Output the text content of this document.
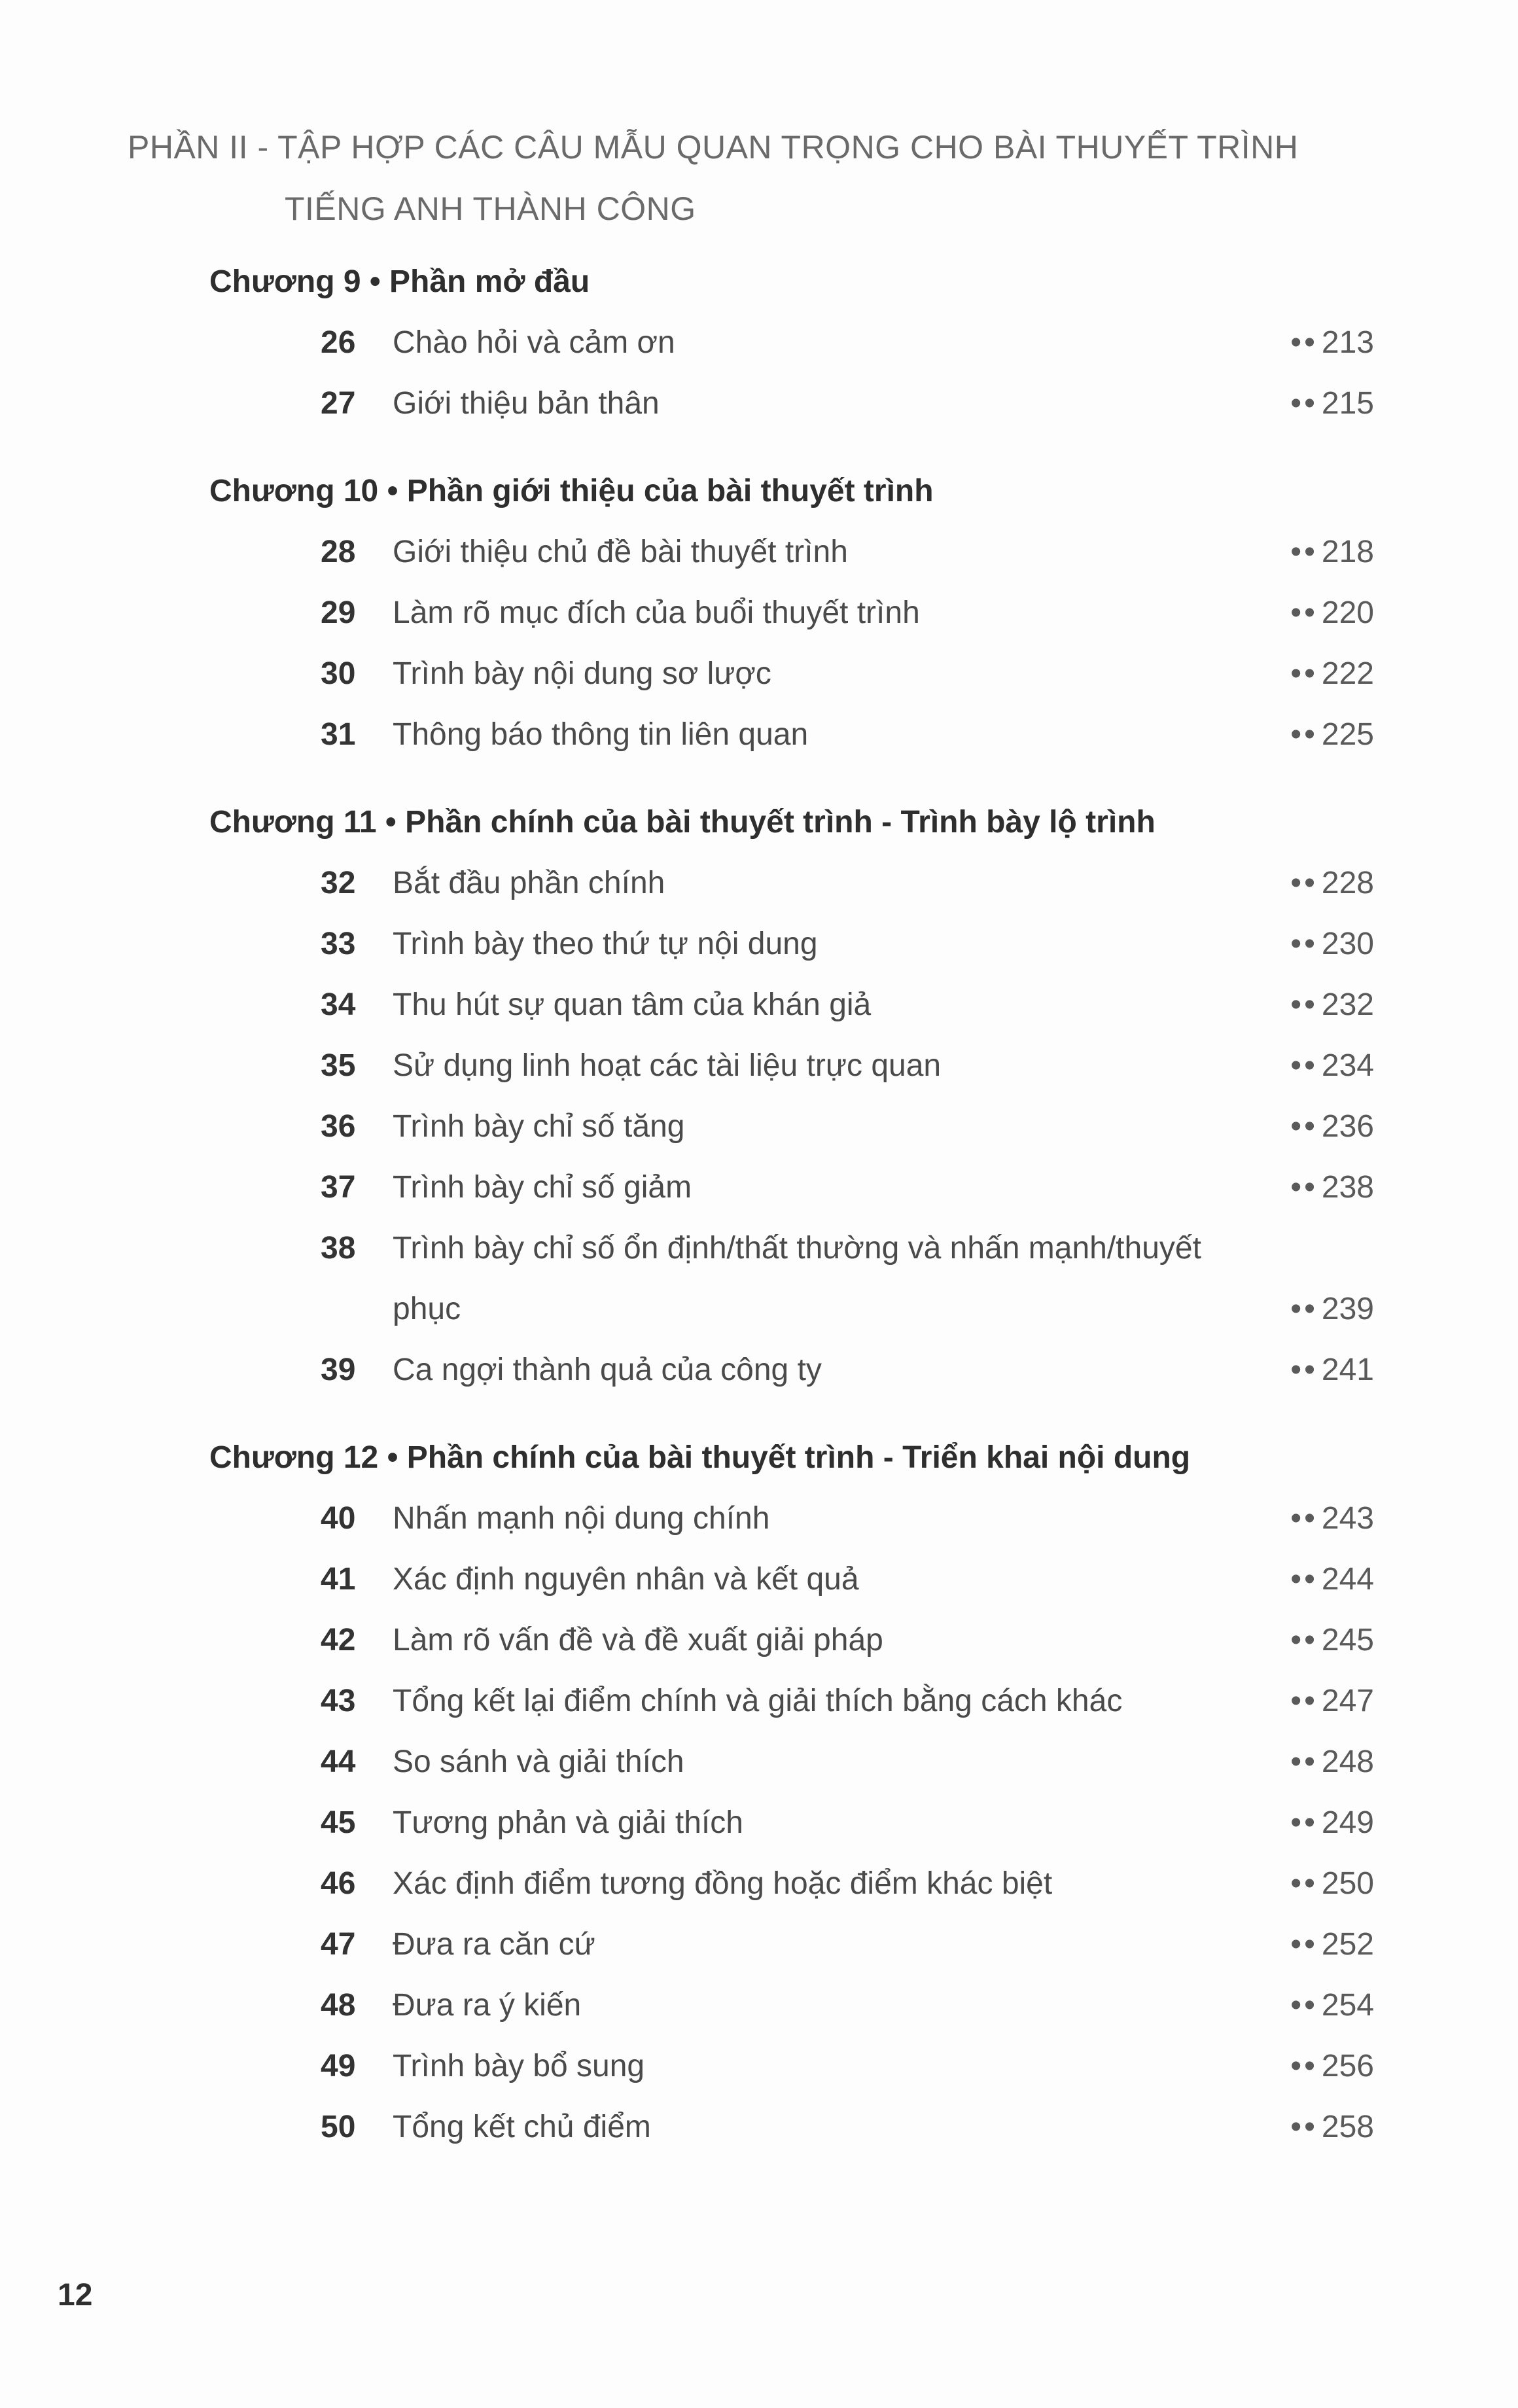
PHẦN II - TẬP HỢP CÁC CÂU MẪU QUAN TRỌNG CHO BÀI THUYẾT TRÌNH
TIẾNG ANH THÀNH CÔNG
Chương 9 • Phần mở đầu
26	Chào hỏi và cảm ơn	•• 213
27	Giới thiệu bản thân	•• 215
Chương 10 • Phần giới thiệu của bài thuyết trình
28	Giới thiệu chủ đề bài thuyết trình	•• 218
29	Làm rõ mục đích của buổi thuyết trình	•• 220
30	Trình bày nội dung sơ lược	•• 222
31	Thông báo thông tin liên quan	•• 225
Chương 11 • Phần chính của bài thuyết trình - Trình bày lộ trình
32	Bắt đầu phần chính	•• 228
33	Trình bày theo thứ tự nội dung	•• 230
34	Thu hút sự quan tâm của khán giả	•• 232
35	Sử dụng linh hoạt các tài liệu trực quan	•• 234
36	Trình bày chỉ số tăng	•• 236
37	Trình bày chỉ số giảm	•• 238
38	Trình bày chỉ số ổn định/thất thường và nhấn mạnh/thuyết phục	•• 239
39	Ca ngợi thành quả của công ty	•• 241
Chương 12 • Phần chính của bài thuyết trình - Triển khai nội dung
40	Nhấn mạnh nội dung chính	•• 243
41	Xác định nguyên nhân và kết quả	•• 244
42	Làm rõ vấn đề và đề xuất giải pháp	•• 245
43	Tổng kết lại điểm chính và giải thích bằng cách khác	•• 247
44	So sánh và giải thích	•• 248
45	Tương phản và giải thích	•• 249
46	Xác định điểm tương đồng hoặc điểm khác biệt	•• 250
47	Đưa ra căn cứ	•• 252
48	Đưa ra ý kiến	•• 254
49	Trình bày bổ sung	•• 256
50	Tổng kết chủ điểm	•• 258
12
